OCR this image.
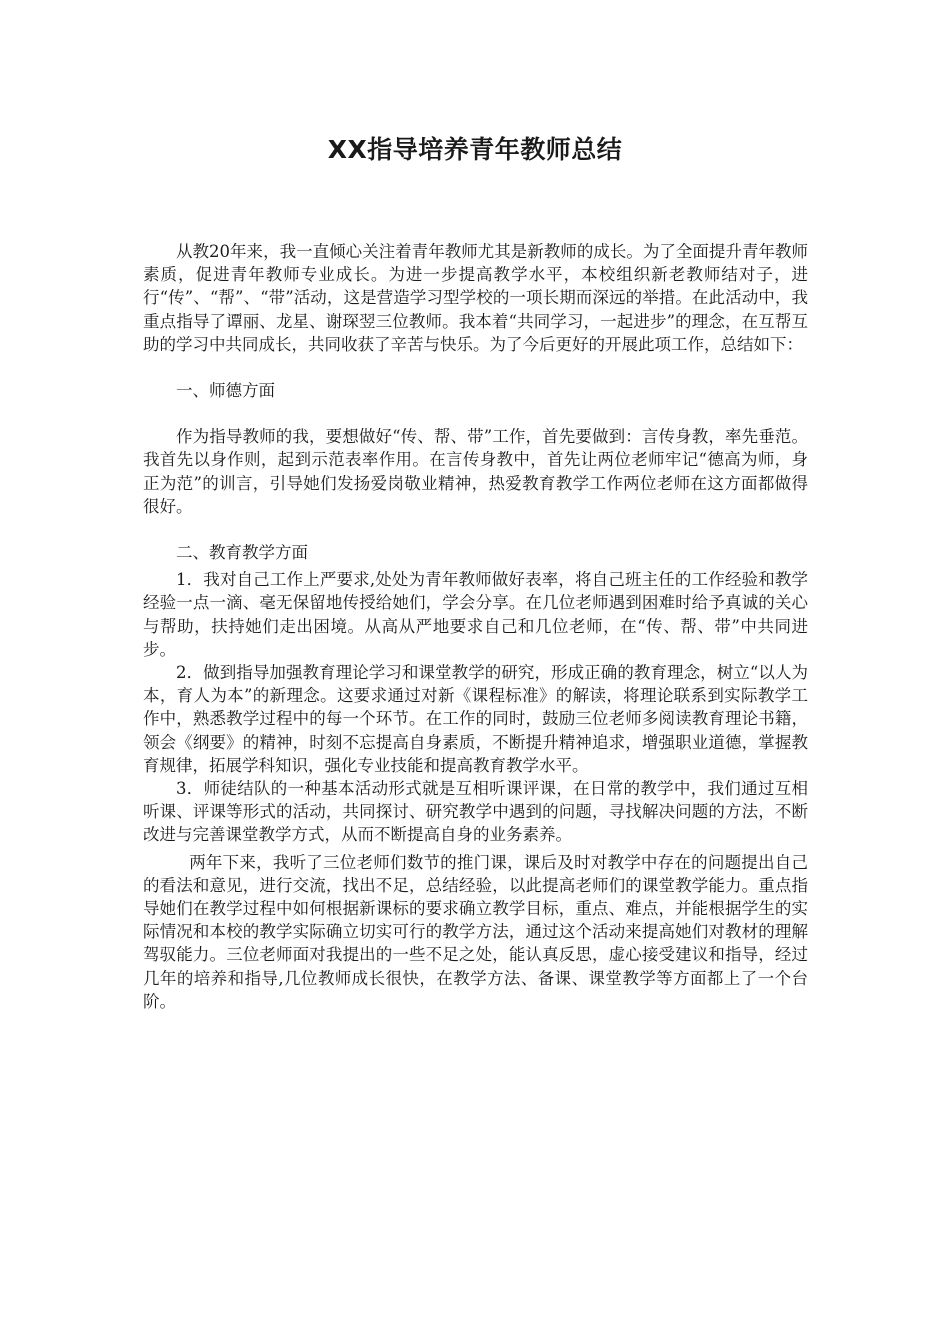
XX指导培养青年教师总结

从教20年来，我一直倾心关注着青年教师尤其是新教师的成长。为了全面提升青年教师素质，促进青年教师专业成长。为进一步提高教学水平，本校组织新老教师结对子，进行“传”、“帮”、“带”活动，这是营造学习型学校的一项长期而深远的举措。在此活动中，我重点指导了谭丽、龙星、谢琛翌三位教师。我本着“共同学习，一起进步”的理念，在互帮互助的学习中共同成长，共同收获了辛苦与快乐。为了今后更好的开展此项工作，总结如下：

一、师德方面

作为指导教师的我，要想做好“传、帮、带”工作，首先要做到：言传身教，率先垂范。我首先以身作则，起到示范表率作用。在言传身教中，首先让两位老师牢记“德高为师，身正为范”的训言，引导她们发扬爱岗敬业精神，热爱教育教学工作两位老师在这方面都做得很好。

二、教育教学方面

1．我对自己工作上严要求,处处为青年教师做好表率，将自己班主任的工作经验和教学经验一点一滴、毫无保留地传授给她们，学会分享。在几位老师遇到困难时给予真诚的关心与帮助，扶持她们走出困境。从高从严地要求自己和几位老师，在“传、帮、带”中共同进步。

2．做到指导加强教育理论学习和课堂教学的研究，形成正确的教育理念，树立“以人为本，育人为本”的新理念。这要求通过对新《课程标准》的解读，将理论联系到实际教学工作中，熟悉教学过程中的每一个环节。在工作的同时，鼓励三位老师多阅读教育理论书籍，领会《纲要》的精神，时刻不忘提高自身素质，不断提升精神追求，增强职业道德，掌握教育规律，拓展学科知识，强化专业技能和提高教育教学水平。

3．师徒结队的一种基本活动形式就是互相听课评课，在日常的教学中，我们通过互相听课、评课等形式的活动，共同探讨、研究教学中遇到的问题，寻找解决问题的方法，不断改进与完善课堂教学方式，从而不断提高自身的业务素养。

两年下来，我听了三位老师们数节的推门课，课后及时对教学中存在的问题提出自己的看法和意见，进行交流，找出不足，总结经验，以此提高老师们的课堂教学能力。重点指导她们在教学过程中如何根据新课标的要求确立教学目标，重点、难点，并能根据学生的实际情况和本校的教学实际确立切实可行的教学方法，通过这个活动来提高她们对教材的理解驾驭能力。三位老师面对我提出的一些不足之处，能认真反思，虚心接受建议和指导，经过几年的培养和指导,几位教师成长很快，在教学方法、备课、课堂教学等方面都上了一个台阶。
